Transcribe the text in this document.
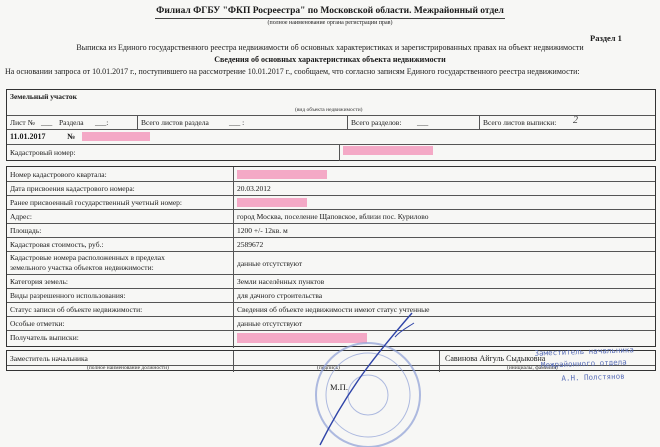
Филиал ФГБУ "ФКП Росреестра" по Московской области. Межрайонный отдел
(полное наименование органа регистрации прав)
Раздел 1
Выписка из Единого государственного реестра недвижимости об основных характеристиках и зарегистрированных правах на объект недвижимости
Сведения об основных характеристиках объекта недвижимости
На основании запроса от 10.01.2017 г., поступившего на рассмотрение 10.01.2017 г., сообщаем, что согласно записям Единого государственного реестра недвижимости:
Земельный участок
(вид объекта недвижимости)
Лист № ___ Раздела ___:	Всего листов раздела	___ :	Всего разделов: ___	Всего листов выписки: 2
11.01.2017	№
Кадастровый номер:
Номер кадастрового квартала:
Дата присвоения кадастрового номера:	20.03.2012
Ранее присвоенный государственный учетный номер:
Адрес:	город Москва, поселение Щаповское, вблизи пос. Курилово
Площадь:	1200 +/- 12кв. м
Кадастровая стоимость, руб.:	2589672
Кадастровые номера расположенных в пределах
земельного участка объектов недвижимости:	данные отсутствуют
Категория земель:	Земли населённых пунктов
Виды разрешенного использования:	для дачного строительства
Статус записи об объекте недвижимости:	Сведения об объекте недвижимости имеют статус учтенные
Особые отметки:	данные отсутствуют
Получатель выписки:
Заместитель начальника	Савинова Айгуль Сыдыковна
(полное наименование должности)	(подпись)	(инициалы, фамилия)
М.П.
Заместитель начальника
Межрайонного отдела
А.Н. Полстянов
